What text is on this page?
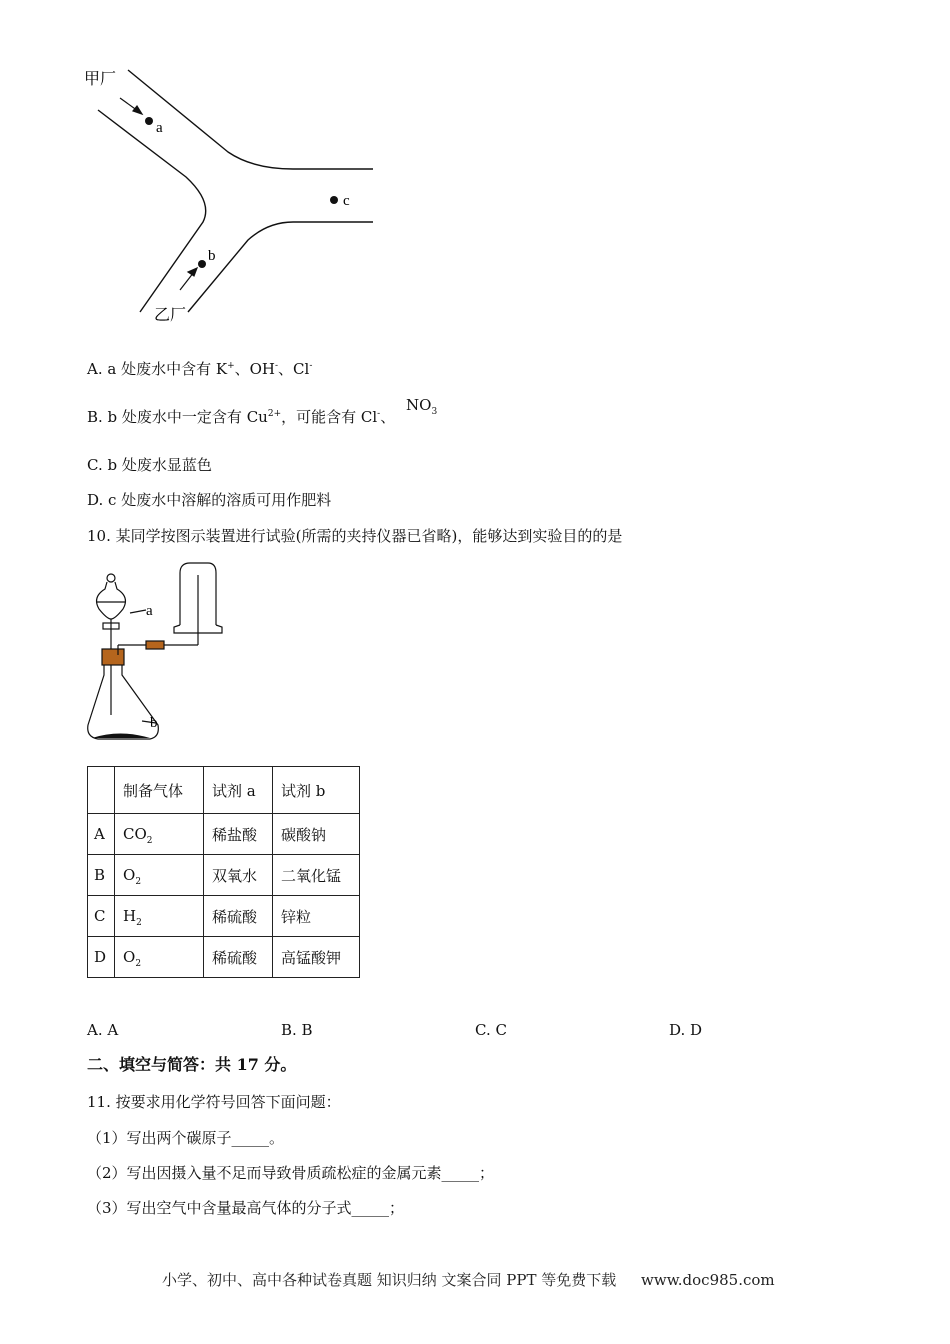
甲厂
a
c
b
乙厂
A. a 处废水中含有 K+、OH-、Cl-
B. b 处废水中一定含有 $Cu^{2+}$，可能含有 Cl-、 $NO_3$
C. b 处废水显蓝色
D. c 处废水中溶解的溶质可用作肥料
10. 某同学按图示装置进行试验(所需的夹持仪器已省略)，能够达到实验目的的是
a
b
	制备气体	试剂 a	试剂 b
A	$CO_2$	稀盐酸	碳酸钠
B	$O_2$	双氧水	二氧化锰
C	$H_2$	稀硫酸	锌粒
D	$O_2$	稀硫酸	高锰酸钾
A. A	B. B	C. C	D. D
二、填空与简答：共 17 分。
11. 按要求用化学符号回答下面问题：
（1）写出两个碳原子_____。
（2）写出因摄入量不足而导致骨质疏松症的金属元素_____；
（3）写出空气中含量最高气体的分子式_____；
小学、初中、高中各种试卷真题 知识归纳 文案合同 PPT 等免费下载 www.doc985.com
